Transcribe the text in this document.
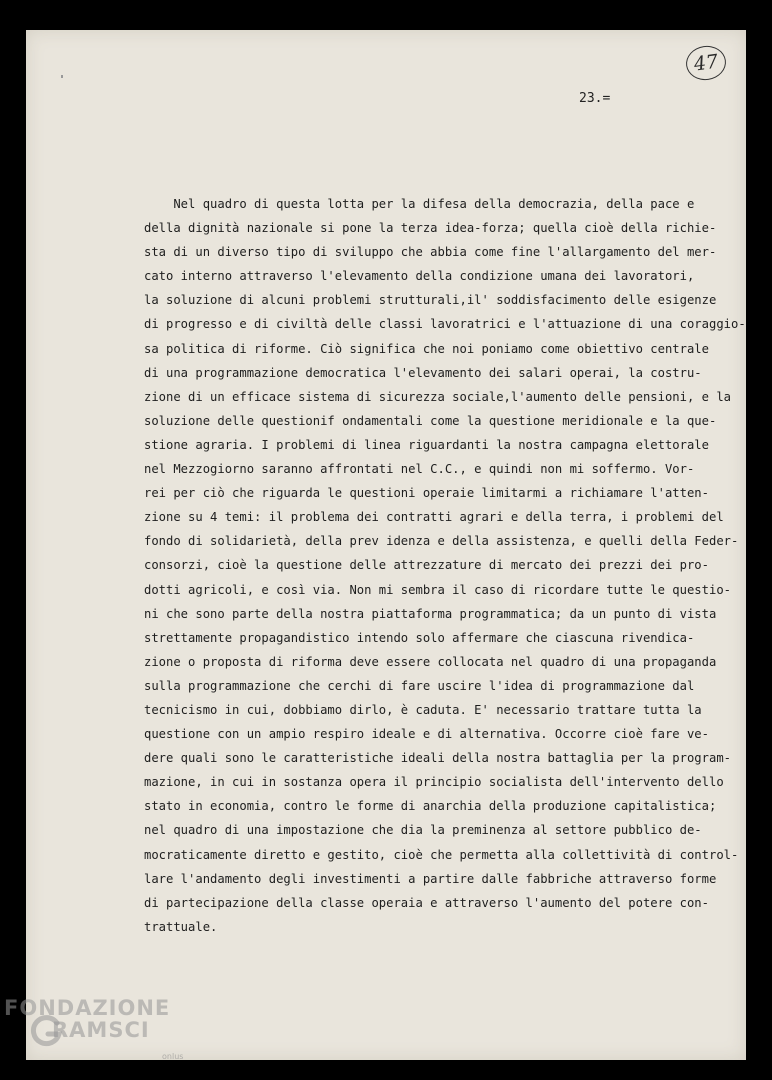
47
23.=
Nel quadro di questa lotta per la difesa della democrazia, della pace e
della dignità nazionale si pone la terza idea-forza; quella cioè della richie-
sta di un diverso tipo di sviluppo che abbia come fine l'allargamento del mer-
cato interno attraverso l'elevamento della condizione umana dei lavoratori,
la soluzione di alcuni problemi strutturali,il' soddisfacimento delle esigenze
di progresso e di civiltà delle classi lavoratrici e l'attuazione di una coraggio-
sa politica di riforme. Ciò significa che noi poniamo come obiettivo centrale
di una programmazione democratica l'elevamento dei salari operai, la costru-
zione di un efficace sistema di sicurezza sociale,l'aumento delle pensioni, e la
soluzione delle questionif ondamentali come la questione meridionale e la que-
stione agraria. I problemi di linea riguardanti la nostra campagna elettorale
nel Mezzogiorno saranno affrontati nel C.C., e quindi non mi soffermo. Vor-
rei per ciò che riguarda le questioni operaie limitarmi a richiamare l'atten-
zione su 4 temi: il problema dei contratti agrari e della terra, i problemi del
fondo di solidarietà, della prev idenza e della assistenza, e quelli della Feder-
consorzi, cioè la questione delle attrezzature di mercato dei prezzi dei pro-
dotti agricoli, e così via. Non mi sembra il caso di ricordare tutte le questio-
ni che sono parte della nostra piattaforma programmatica; da un punto di vista
strettamente propagandistico intendo solo affermare che ciascuna rivendica-
zione o proposta di riforma deve essere collocata nel quadro di una propaganda
sulla programmazione che cerchi di fare uscire l'idea di programmazione dal
tecnicismo in cui, dobbiamo dirlo, è caduta. E' necessario trattare tutta la
questione con un ampio respiro ideale e di alternativa. Occorre cioè fare ve-
dere quali sono le caratteristiche ideali della nostra battaglia per la program-
mazione, in cui in sostanza opera il principio socialista dell'intervento dello
stato in economia, contro le forme di anarchia della produzione capitalistica;
nel quadro di una impostazione che dia la preminenza al settore pubblico de-
mocraticamente diretto e gestito, cioè che permetta alla collettività di control-
lare l'andamento degli investimenti a partire dalle fabbriche attraverso forme
di partecipazione della classe operaia e attraverso l'aumento del potere con-
trattuale.
FONDAZIONE
RAMSCI
onlus
